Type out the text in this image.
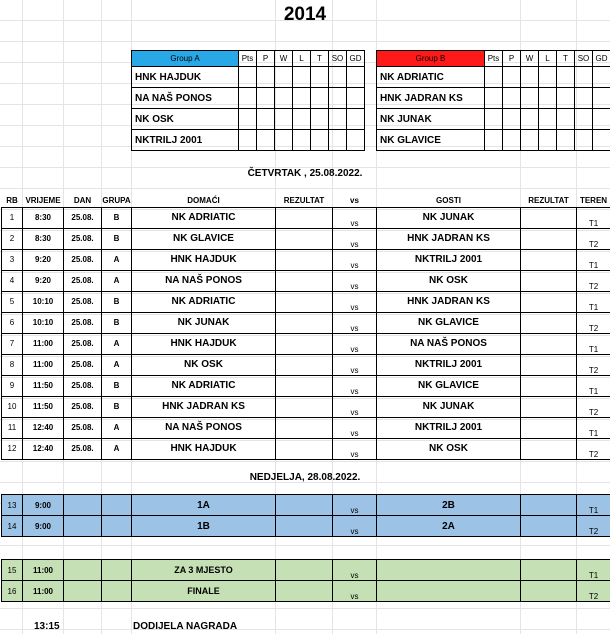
2014
Group A	Pts	P	W	L	T	SO	GD
HNK HAJDUK							
NA NAŠ PONOS							
NK OSK							
NKTRILJ 2001							
Group B	Pts	P	W	L	T	SO	GD
NK ADRIATIC							
HNK JADRAN KS							
NK JUNAK							
NK GLAVICE							
ČETVRTAK , 25.08.2022.
RB	VRIJEME	DAN	GRUPA	DOMAĆI	REZULTAT	vs	GOSTI	REZULTAT	TEREN
1	8:30	25.08.	B	NK ADRIATIC		vs	NK JUNAK		T1
2	8:30	25.08.	B	NK GLAVICE		vs	HNK JADRAN KS		T2
3	9:20	25.08.	A	HNK HAJDUK		vs	NKTRILJ 2001		T1
4	9:20	25.08.	A	NA NAŠ PONOS		vs	NK OSK		T2
5	10:10	25.08.	B	NK ADRIATIC		vs	HNK JADRAN KS		T1
6	10:10	25.08.	B	NK JUNAK		vs	NK GLAVICE		T2
7	11:00	25.08.	A	HNK HAJDUK		vs	NA NAŠ PONOS		T1
8	11:00	25.08.	A	NK OSK		vs	NKTRILJ 2001		T2
9	11:50	25.08.	B	NK ADRIATIC		vs	NK GLAVICE		T1
10	11:50	25.08.	B	HNK JADRAN KS		vs	NK JUNAK		T2
11	12:40	25.08.	A	NA NAŠ PONOS		vs	NKTRILJ 2001		T1
12	12:40	25.08.	A	HNK HAJDUK		vs	NK OSK		T2
NEDJELJA, 28.08.2022.
13	9:00			1A		vs	2B		T1
14	9:00			1B		vs	2A		T2
15	11:00			ZA 3 MJESTO		vs			T1
16	11:00			FINALE		vs			T2
13:15	DODIJELA NAGRADA
